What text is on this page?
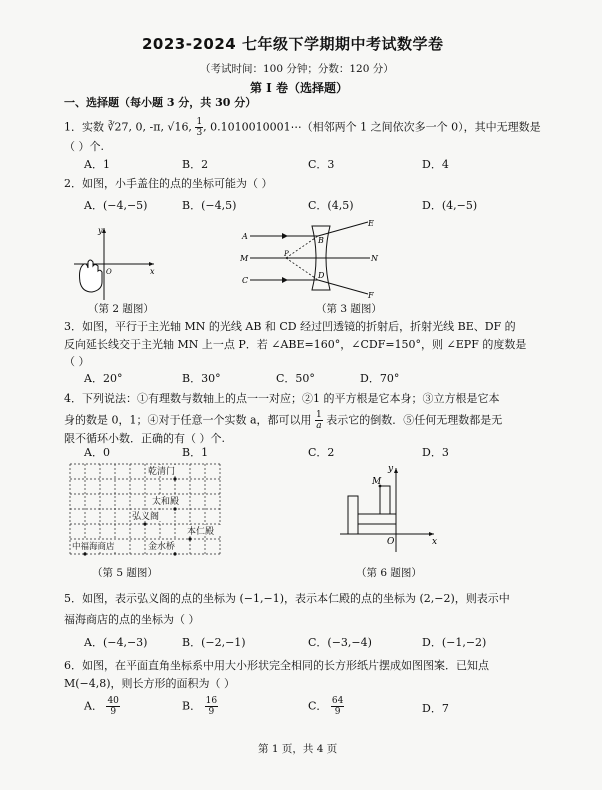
2023-2024 七年级下学期期中考试数学卷
（考试时间：100 分钟；分数：120 分）
第 I 卷（选择题）
一、选择题（每小题 3 分，共 30 分）
1．实数 ∛27, 0, -π, √16, $\frac{1}{3}$ , 0.1010010001⋯（相邻两个 1 之间依次多一个 0），其中无理数是
（ ）个.
A．1	B．2	C．3	D．4
2．如图，小手盖住的点的坐标可能为（ ）
A．(−4,−5)	B．(−4,5)	C．(4,5)	D．(4,−5)
y
x
O
（第 2 题图）
A
M
C
E
N
F
B
D
P
（第 3 题图）
3．如图，平行于主光轴 MN 的光线 AB 和 CD 经过凹透镜的折射后，折射光线 BE、DF 的
反向延长线交于主光轴 MN 上一点 P．若 ∠ABE=160°，∠CDF=150°，则 ∠EPF 的度数是
（ ）
A．20°	B．30°	C．50°	D．70°
4．下列说法：①有理数与数轴上的点一一对应；②1 的平方根是它本身；③立方根是它本
身的数是 0，1；④对于任意一个实数 a，都可以用 $\frac{1}{a}$ 表示它的倒数．⑤任何无理数都是无
限不循环小数．正确的有（ ）个.
A．0	B．1	C．2	D．3
乾清门
太和殿
弘义阁
本仁殿
中福海商店	金水桥
（第 5 题图）
y
x
O
M
（第 6 题图）
5．如图，表示弘义阁的点的坐标为 (−1,−1)，表示本仁殿的点的坐标为 (2,−2)，则表示中
福海商店的点的坐标为（ ）
A．(−4,−3)	B．(−2,−1)	C．(−3,−4)	D．(−1,−2)
6．如图，在平面直角坐标系中用大小形状完全相同的长方形纸片摆成如图图案．已知点
M(−4,8)，则长方形的面积为（ ）
A． $\frac{40}{9}$	B． $\frac{16}{9}$	C． $\frac{64}{9}$	D．7
第 1 页，共 4 页
